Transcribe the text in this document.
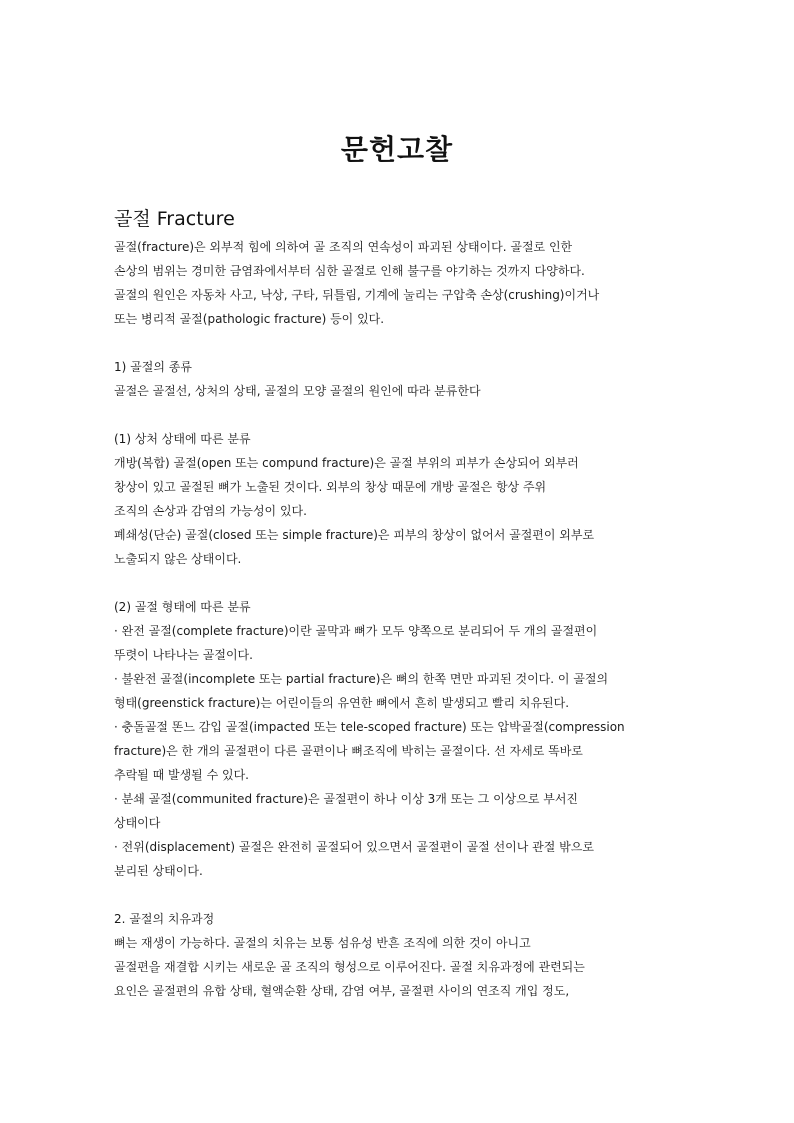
문헌고찰
골절 Fracture
골절(fracture)은 외부적 힘에 의하여 골 조직의 연속성이 파괴된 상태이다. 골절로 인한
손상의 범위는 경미한 금염좌에서부터 심한 골절로 인해 불구를 야기하는 것까지 다양하다.
골절의 원인은 자동차 사고, 낙상, 구타, 뒤틀림, 기계에 눌리는 구압축 손상(crushing)이거나
또는 병리적 골절(pathologic fracture) 등이 있다.
1) 골절의 종류
골절은 골절선, 상처의 상태, 골절의 모양 골절의 원인에 따라 분류한다
(1) 상처 상태에 따른 분류
개방(복합) 골절(open 또는 compund fracture)은 골절 부위의 피부가 손상되어 외부러
창상이 있고 골절된 뼈가 노출된 것이다. 외부의 창상 때문에 개방 골절은 항상 주위
조직의 손상과 감염의 가능성이 있다.
폐쇄성(단순) 골절(closed 또는 simple fracture)은 피부의 창상이 없어서 골절편이 외부로
노출되지 않은 상태이다.
(2) 골절 형태에 따른 분류
· 완전 골절(complete fracture)이란 골막과 뼈가 모두 양쪽으로 분리되어 두 개의 골절편이
뚜렷이 나타나는 골절이다.
· 불완전 골절(incomplete 또는 partial fracture)은 뼈의 한쪽 면만 파괴된 것이다. 이 골절의
형태(greenstick fracture)는 어린이들의 유연한 뼈에서 흔히 발생되고 빨리 치유된다.
· 충돌골절 똔느 감입 골절(impacted 또는 tele-scoped fracture) 또는 압박골절(compression
fracture)은 한 개의 골절편이 다른 골편이나 뼈조직에 박히는 골절이다. 선 자세로 똑바로
추락될 때 발생될 수 있다.
· 분쇄 골절(communited fracture)은 골절편이 하나 이상 3개 또는 그 이상으로 부서진
상태이다
· 전위(displacement) 골절은 완전히 골절되어 있으면서 골절편이 골절 선이나 관절 밖으로
분리된 상태이다.
2. 골절의 치유과정
뼈는 재생이 가능하다. 골절의 치유는 보통 섬유성 반흔 조직에 의한 것이 아니고
골절편을 재결합 시키는 새로운 골 조직의 형성으로 이루어진다. 골절 치유과정에 관련되는
요인은 골절편의 유합 상태, 혈액순환 상태, 감염 여부, 골절편 사이의 연조직 개입 정도,
